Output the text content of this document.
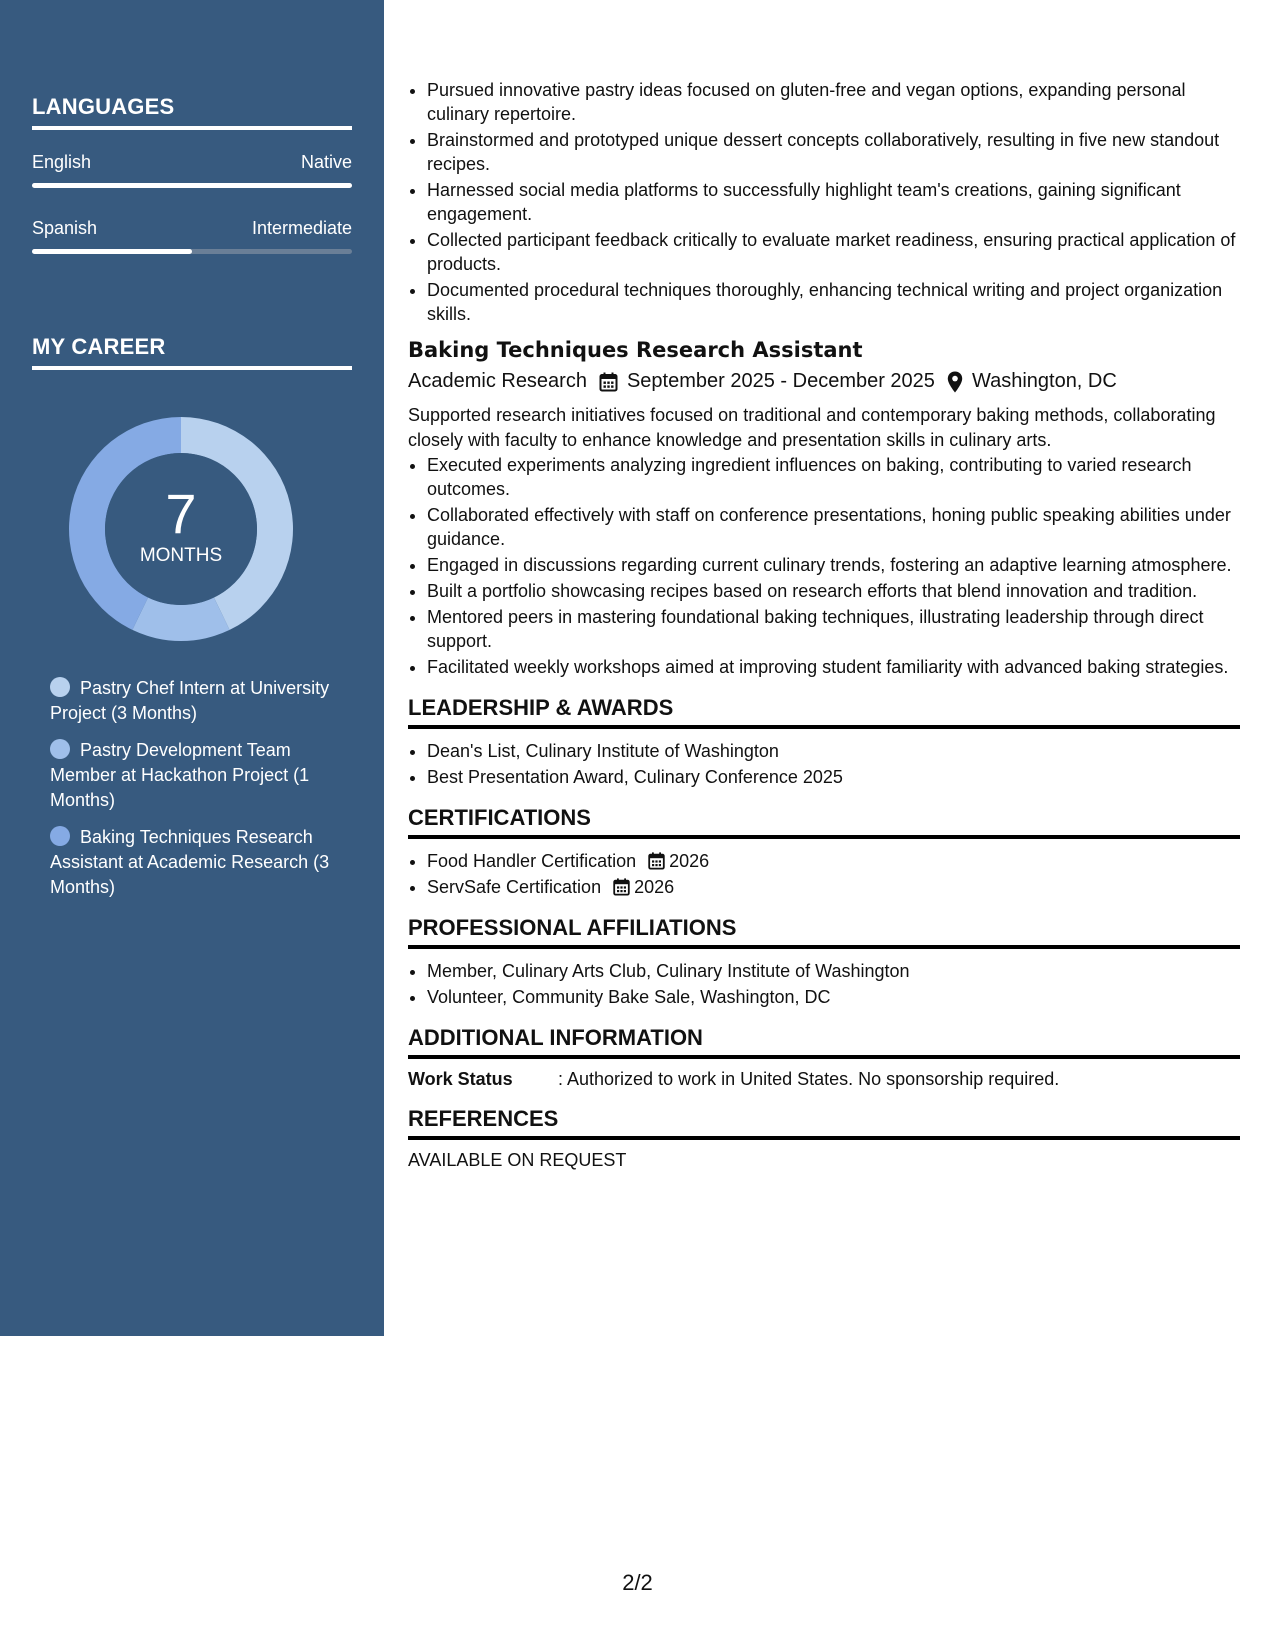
LANGUAGES
English	Native
Spanish	Intermediate
MY CAREER
7
MONTHS
Pastry Chef Intern at University Project (3 Months)
Pastry Development Team Member at Hackathon Project (1 Months)
Baking Techniques Research Assistant at Academic Research (3 Months)
• Pursued innovative pastry ideas focused on gluten-free and vegan options, expanding personal culinary repertoire.
• Brainstormed and prototyped unique dessert concepts collaboratively, resulting in five new standout recipes.
• Harnessed social media platforms to successfully highlight team's creations, gaining significant engagement.
• Collected participant feedback critically to evaluate market readiness, ensuring practical application of products.
• Documented procedural techniques thoroughly, enhancing technical writing and project organization skills.
Baking Techniques Research Assistant
Academic Research September 2025 - December 2025 Washington, DC
Supported research initiatives focused on traditional and contemporary baking methods, collaborating closely with faculty to enhance knowledge and presentation skills in culinary arts.
• Executed experiments analyzing ingredient influences on baking, contributing to varied research outcomes.
• Collaborated effectively with staff on conference presentations, honing public speaking abilities under guidance.
• Engaged in discussions regarding current culinary trends, fostering an adaptive learning atmosphere.
• Built a portfolio showcasing recipes based on research efforts that blend innovation and tradition.
• Mentored peers in mastering foundational baking techniques, illustrating leadership through direct support.
• Facilitated weekly workshops aimed at improving student familiarity with advanced baking strategies.
LEADERSHIP & AWARDS
• Dean's List, Culinary Institute of Washington
• Best Presentation Award, Culinary Conference 2025
CERTIFICATIONS
• Food Handler Certification 2026
• ServSafe Certification 2026
PROFESSIONAL AFFILIATIONS
• Member, Culinary Arts Club, Culinary Institute of Washington
• Volunteer, Community Bake Sale, Washington, DC
ADDITIONAL INFORMATION
Work Status	: Authorized to work in United States. No sponsorship required.
REFERENCES
AVAILABLE ON REQUEST
2/2
